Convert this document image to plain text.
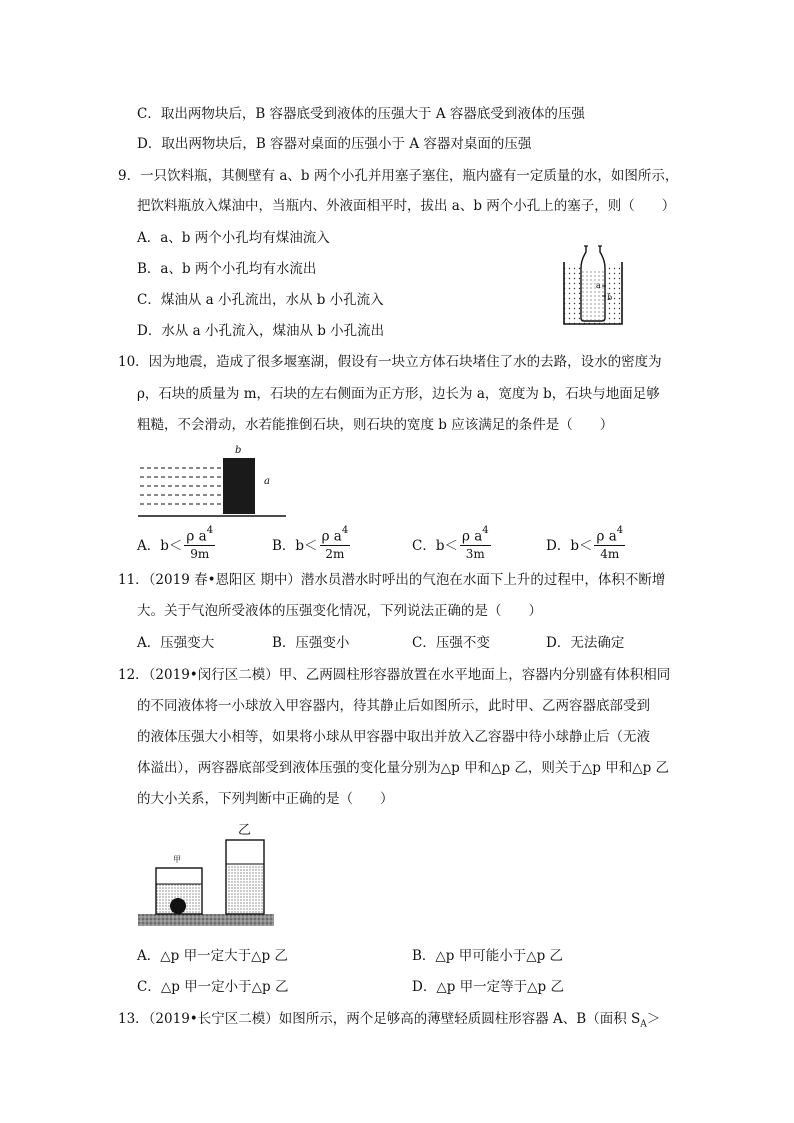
C．取出两物块后，B 容器底受到液体的压强大于 A 容器底受到液体的压强
D．取出两物块后，B 容器对桌面的压强小于 A 容器对桌面的压强
9．一只饮料瓶，其侧壁有 a、b 两个小孔并用塞子塞住，瓶内盛有一定质量的水，如图所示，
把饮料瓶放入煤油中，当瓶内、外液面相平时，拔出 a、b 两个小孔上的塞子，则（　　）
A．a、b 两个小孔均有煤油流入
B．a、b 两个小孔均有水流出
C．煤油从 a 小孔流出，水从 b 小孔流入
D．水从 a 小孔流入，煤油从 b 小孔流出
a
b
10．因为地震，造成了很多堰塞湖，假设有一块立方体石块堵住了水的去路，设水的密度为
ρ，石块的质量为 m，石块的左右侧面为正方形，边长为 a，宽度为 b，石块与地面足够
粗糙，不会滑动，水若能推倒石块，则石块的宽度 b 应该满足的条件是（　　）
b
a
A．$b< \frac{\rho a^4}{9m}$	B．$b< \frac{\rho a^4}{2m}$	C．$b< \frac{\rho a^4}{3m}$	D．$b< \frac{\rho a^4}{4m}$
11．（2019 春•恩阳区 期中）潜水员潜水时呼出的气泡在水面下上升的过程中，体积不断增
大。关于气泡所受液体的压强变化情况，下列说法正确的是（　　）
A．压强变大	B．压强变小	C．压强不变	D．无法确定
12．（2019•闵行区二模）甲、乙两圆柱形容器放置在水平地面上，容器内分别盛有体积相同
的不同液体将一小球放入甲容器内，待其静止后如图所示，此时甲、乙两容器底部受到
的液体压强大小相等，如果将小球从甲容器中取出并放入乙容器中待小球静止后（无液
体溢出），两容器底部受到液体压强的变化量分别为△p 甲和△p 乙，则关于△p 甲和△p 乙
的大小关系，下列判断中正确的是（　　）
甲
乙
A．△p 甲一定大于△p 乙	B．△p 甲可能小于△p 乙
C．△p 甲一定小于△p 乙	D．△p 甲一定等于△p 乙
13．（2019•长宁区二模）如图所示，两个足够高的薄壁轻质圆柱形容器 A、B（面积 $S_A>$
